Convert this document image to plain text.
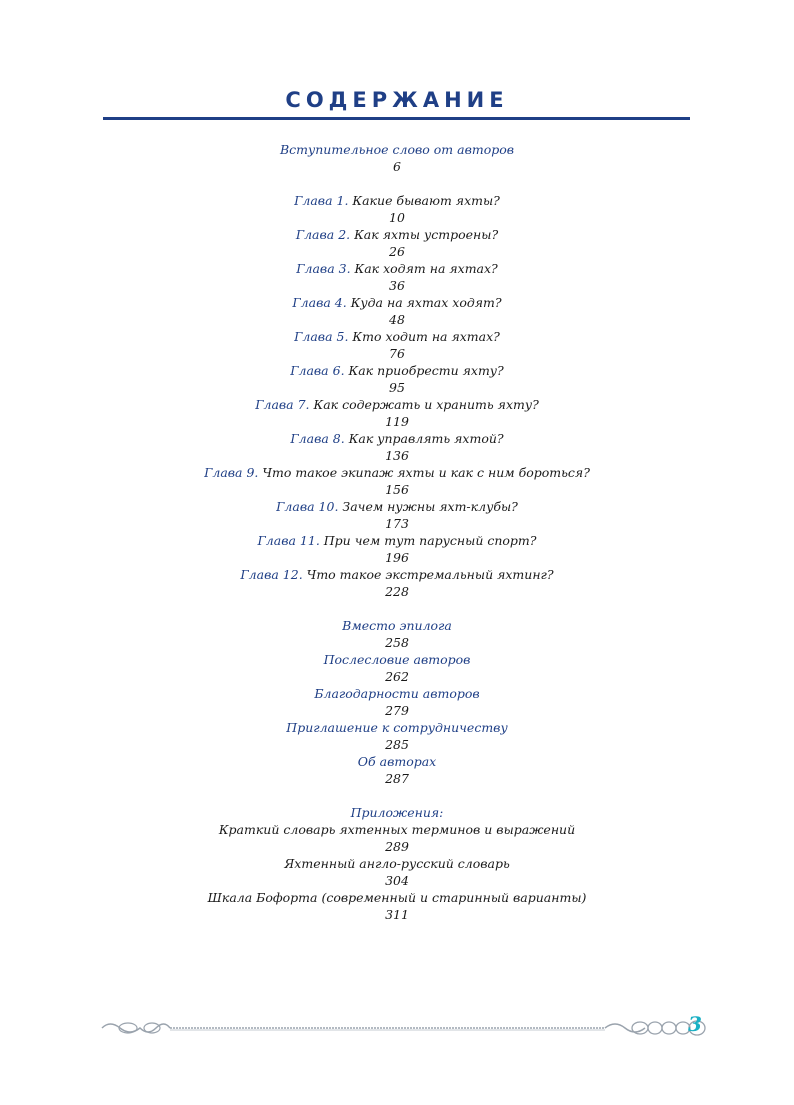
СОДЕРЖАНИЕ
Вступительное слово от авторов
6
Глава 1. Какие бывают яхты?
10
Глава 2. Как яхты устроены?
26
Глава 3. Как ходят на яхтах?
36
Глава 4. Куда на яхтах ходят?
48
Глава 5. Кто ходит на яхтах?
76
Глава 6. Как приобрести яхту?
95
Глава 7. Как содержать и хранить яхту?
119
Глава 8. Как управлять яхтой?
136
Глава 9. Что такое экипаж яхты и как с ним бороться?
156
Глава 10. Зачем нужны яхт-клубы?
173
Глава 11. При чем тут парусный спорт?
196
Глава 12. Что такое экстремальный яхтинг?
228
Вместо эпилога
258
Послесловие авторов
262
Благодарности авторов
279
Приглашение к сотрудничеству
285
Об авторах
287
Приложения:
Краткий словарь яхтенных терминов и выражений
289
Яхтенный англо-русский словарь
304
Шкала Бофорта (современный и старинный варианты)
311
3
